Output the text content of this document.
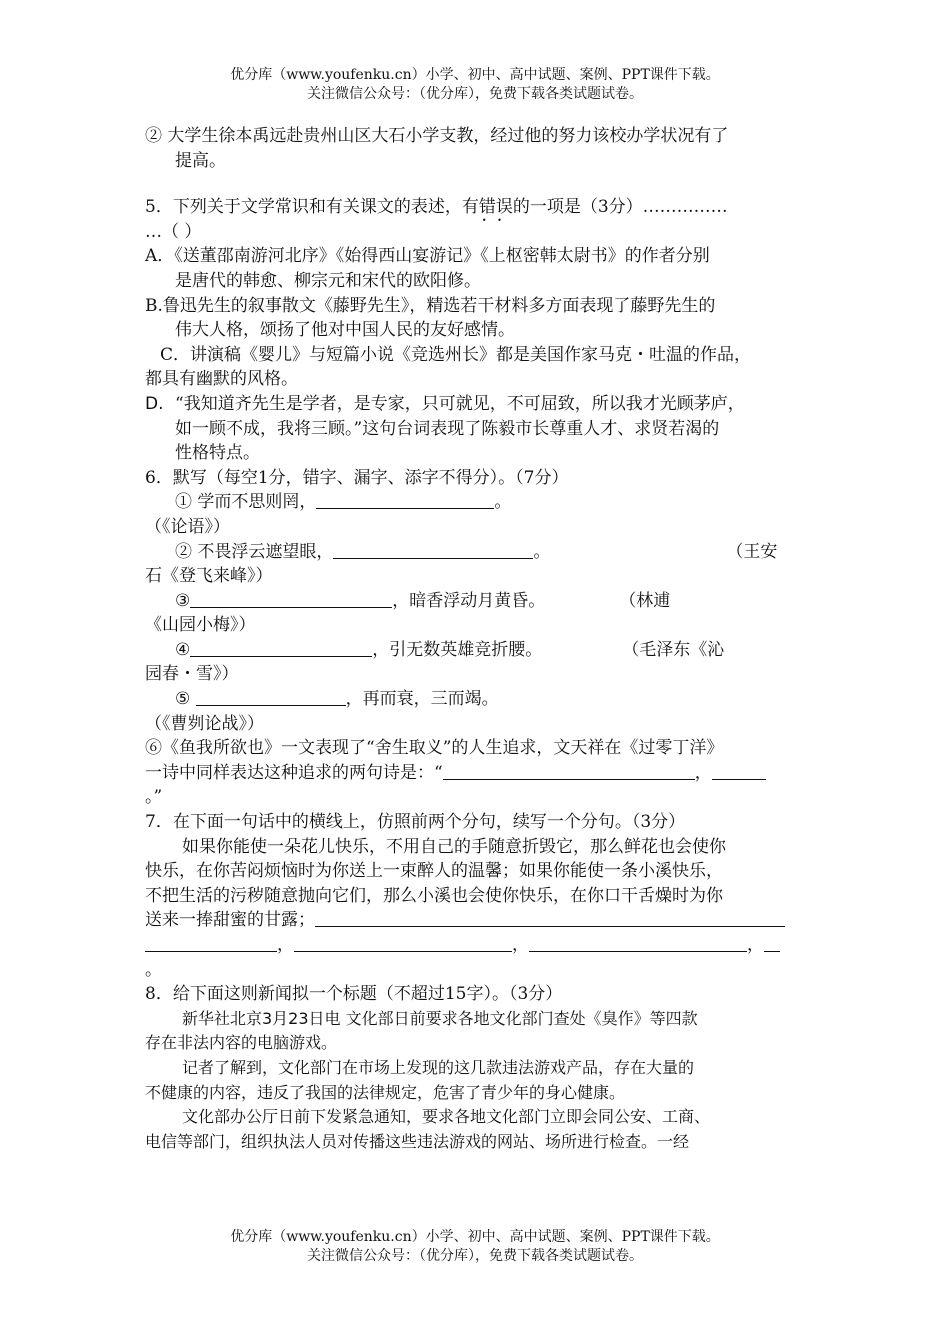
优分库（www.youfenku.cn）小学、初中、高中试题、案例、PPT课件下载。
关注微信公众号：（优分库），免费下载各类试题试卷。

② 大学生徐本禹远赴贵州山区大石小学支教，经过他的努力该校办学状况有了

提高。

5．下列关于文学常识和有关课文的表述，有错误 • •的一项是（3分）……………

…（ ）

A．《送董邵南游河北序》《始得西山宴游记》《上枢密韩太尉书》的作者分别

是唐代的韩愈、柳宗元和宋代的欧阳修。

B.鲁迅先生的叙事散文《藤野先生》，精选若干材料多方面表现了藤野先生的

伟大人格，颂扬了他对中国人民的友好感情。

C．讲演稿《婴儿》与短篇小说《竞选州长》都是美国作家马克・吐温的作品，

都具有幽默的风格。

D. “我知道齐先生是学者，是专家，只可就见，不可屈致，所以我才光顾茅庐，

如一顾不成，我将三顾。”这句台词表现了陈毅市长尊重人才、求贤若渴的

性格特点。

6．默写（每空1分，错字、漏字、添字不得分）。（7分）

① 学而不思则罔，	。

（《论语》）

② 不畏浮云遮望眼，	。	（王安

石《登飞来峰》）

③	，暗香浮动月黄昏。	（林逋

《山园小梅》）

④	，引无数英雄竞折腰。	（毛泽东《沁

园春・雪》）

⑤	，再而衰，三而竭。

（《曹刿论战》）

⑥《鱼我所欲也》一文表现了“舍生取义”的人生追求，文天祥在《过零丁洋》

一诗中同样表达这种追求的两句诗是：“	，

。”

7．在下面一句话中的横线上，仿照前两个分句，续写一个分句。（3分）

如果你能使一朵花儿快乐，不用自己的手随意折毁它，那么鲜花也会使你

快乐，在你苦闷烦恼时为你送上一束醉人的温馨；如果你能使一条小溪快乐，

不把生活的污秽随意抛向它们，那么小溪也会使你快乐，在你口干舌燥时为你

送来一捧甜蜜的甘露；

，	，	，

。

8．给下面这则新闻拟一个标题（不超过15字）。（3分）

新华社北京3月23日电 文化部日前要求各地文化部门查处《臭作》等四款

存在非法内容的电脑游戏。

记者了解到，文化部门在市场上发现的这几款违法游戏产品，存在大量的

不健康的内容，违反了我国的法律规定，危害了青少年的身心健康。

文化部办公厅日前下发紧急通知，要求各地文化部门立即会同公安、工商、

电信等部门，组织执法人员对传播这些违法游戏的网站、场所进行检查。一经

优分库（www.youfenku.cn）小学、初中、高中试题、案例、PPT课件下载。
关注微信公众号：（优分库），免费下载各类试题试卷。
